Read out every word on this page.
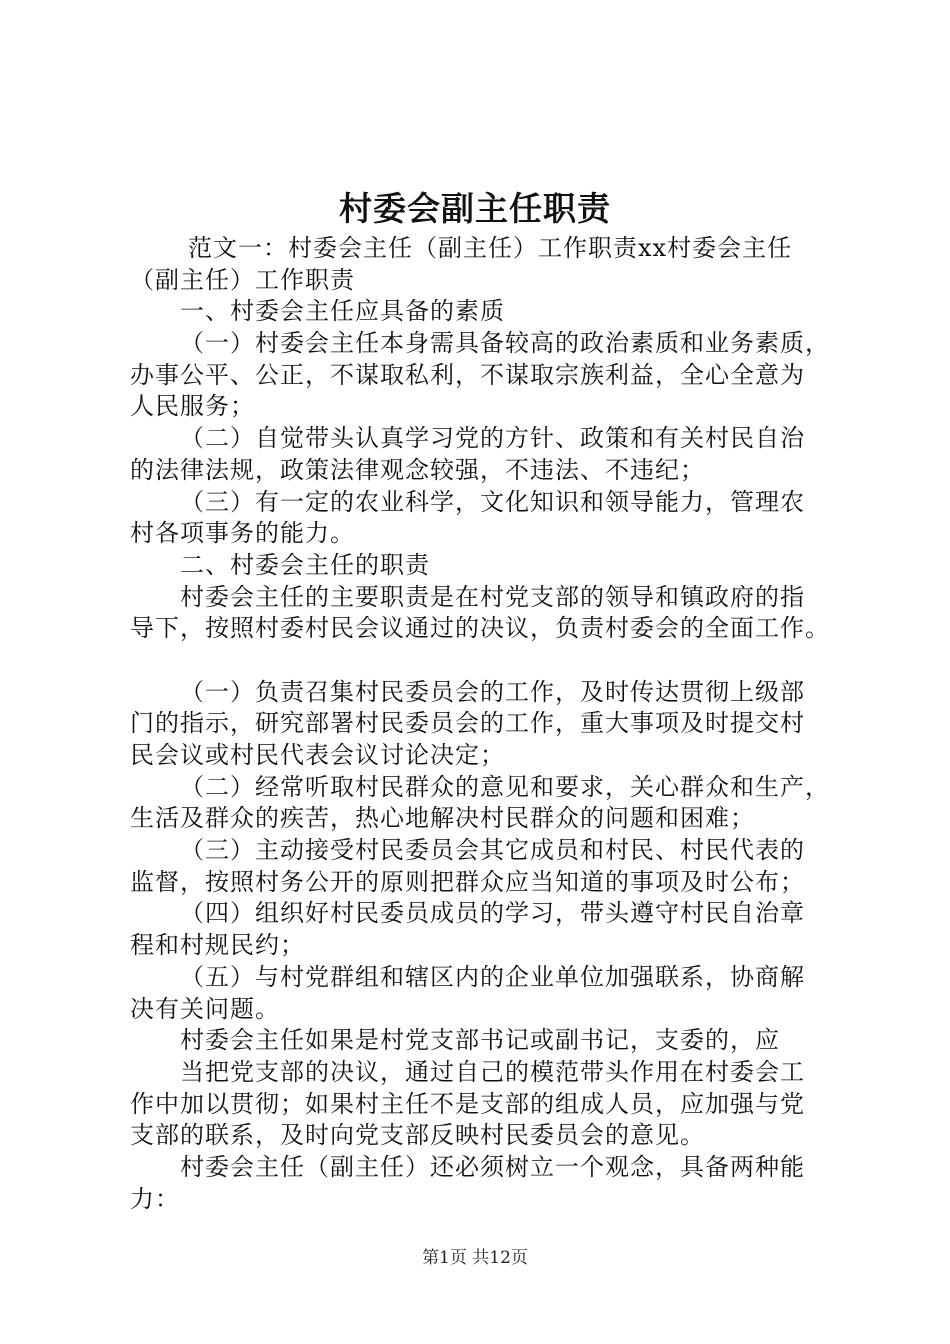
村委会副主任职责
范文一：村委会主任（副主任）工作职责xx村委会主任
（副主任）工作职责
一、村委会主任应具备的素质
（一）村委会主任本身需具备较高的政治素质和业务素质，
办事公平、公正，不谋取私利，不谋取宗族利益，全心全意为
人民服务；
（二）自觉带头认真学习党的方针、政策和有关村民自治
的法律法规，政策法律观念较强，不违法、不违纪；
（三）有一定的农业科学，文化知识和领导能力，管理农
村各项事务的能力。
二、村委会主任的职责
村委会主任的主要职责是在村党支部的领导和镇政府的指
导下，按照村委村民会议通过的决议，负责村委会的全面工作。
（一）负责召集村民委员会的工作，及时传达贯彻上级部
门的指示，研究部署村民委员会的工作，重大事项及时提交村
民会议或村民代表会议讨论决定；
（二）经常听取村民群众的意见和要求，关心群众和生产，
生活及群众的疾苦，热心地解决村民群众的问题和困难；
（三）主动接受村民委员会其它成员和村民、村民代表的
监督，按照村务公开的原则把群众应当知道的事项及时公布；
（四）组织好村民委员成员的学习，带头遵守村民自治章
程和村规民约；
（五）与村党群组和辖区内的企业单位加强联系，协商解
决有关问题。
村委会主任如果是村党支部书记或副书记，支委的，应
当把党支部的决议，通过自己的模范带头作用在村委会工
作中加以贯彻；如果村主任不是支部的组成人员，应加强与党
支部的联系，及时向党支部反映村民委员会的意见。
村委会主任（副主任）还必须树立一个观念，具备两种能
力：
第1页 共12页
